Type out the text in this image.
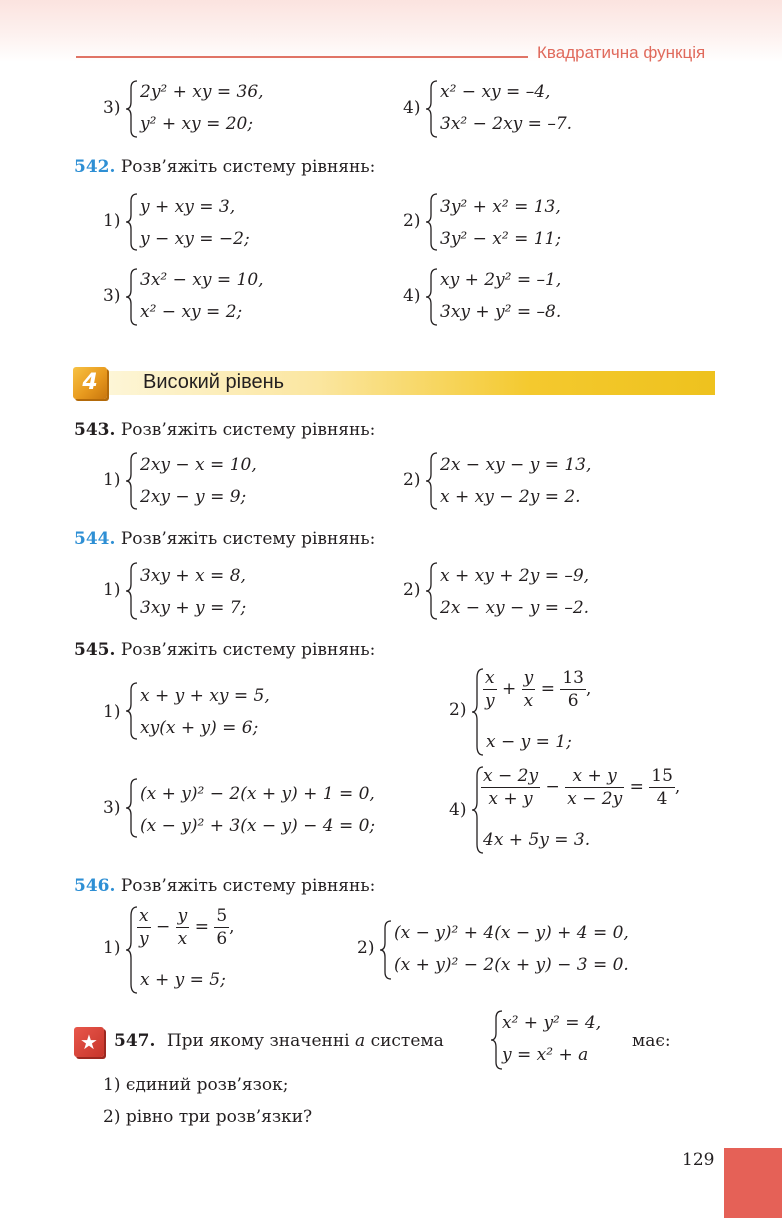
Квадратична функція
3)
2y² + xy = 36,
y² + xy = 20;
4)
x² − xy = –4,
3x² − 2xy = –7.
542. Розв’яжіть систему рівнянь:
1)
y + xy = 3,
y − xy = −2;
2)
3y² + x² = 13,
3y² − x² = 11;
3)
3x² − xy = 10,
x² − xy = 2;
4)
xy + 2y² = –1,
3xy + y² = –8.
4	Високий рівень
543. Розв’яжіть систему рівнянь:
1)
2xy − x = 10,
2xy − y = 9;
2)
2x − xy − y = 13,
x + xy − 2y = 2.
544. Розв’яжіть систему рівнянь:
1)
3xy + x = 8,
3xy + y = 7;
2)
x + xy + 2y = –9,
2x − xy − y = –2.
545. Розв’яжіть систему рівнянь:
1)
x + y + xy = 5,
xy(x + y) = 6;
$2) \frac{x}{y} + \frac{y}{x} = \frac{13}{6}$ ,
x − y = 1;
3)
(x + y)² − 2(x + y) + 1 = 0,
(x − y)² + 3(x − y) − 4 = 0;
4)
$\frac{x - 2y}{x + y} - \frac{x + y}{x - 2y} = \frac{15}{4}$ ,
4x + 5y = 3.
546. Розв’яжіть систему рівнянь:
$1) \frac{x}{y} - \frac{y}{x} = \frac{5}{6}$ ,
x + y = 5;
2)
(x − y)² + 4(x − y) + 4 = 0,
(x + y)² − 2(x + y) − 3 = 0.
★ 547. При якому значенні a система
x² + y² = 4,
y = x² + a
має:
1) єдиний розв’язок;
2) рівно три розв’язки?
129
